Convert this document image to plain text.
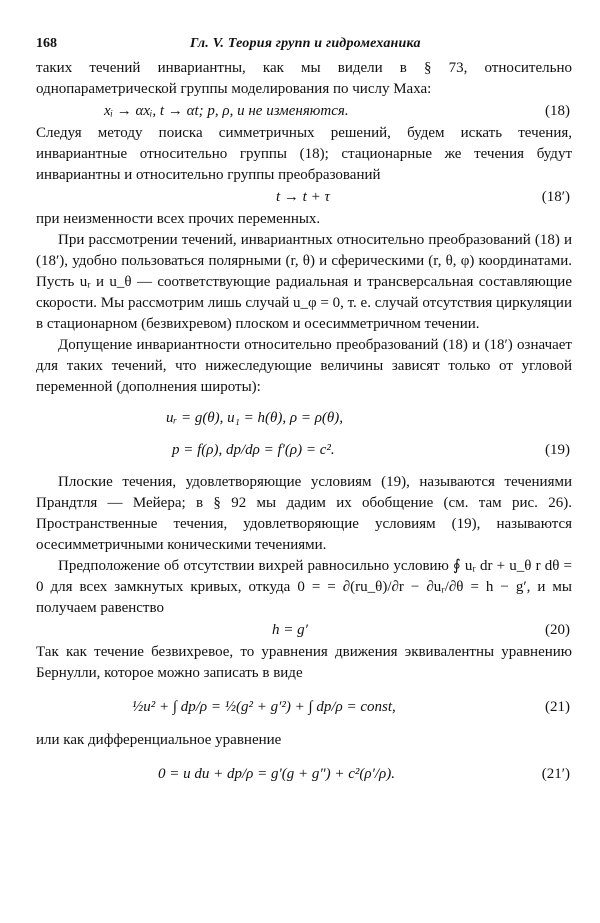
168	Гл. V. Теория групп и гидромеханика

таких течений инвариантны, как мы видели в § 73, относительно однопараметрической группы моделирования по числу Маха:

xᵢ → αxᵢ, t → αt; p, ρ, u не изменяются.	(18)

Следуя методу поиска симметричных решений, будем искать течения, инвариантные относительно группы (18); стационарные же течения будут инвариантны и относительно группы преобразований

t → t + τ	(18′)

при неизменности всех прочих переменных.

При рассмотрении течений, инвариантных относительно преобразований (18) и (18′), удобно пользоваться полярными (r, θ) и сферическими (r, θ, φ) координатами. Пусть uᵣ и u_θ — соответствующие радиальная и трансверсальная составляющие скорости. Мы рассмотрим лишь случай u_φ = 0, т. е. случай отсутствия циркуляции в стационарном (безвихревом) плоском и осесимметричном течении.

Допущение инвариантности относительно преобразований (18) и (18′) означает для таких течений, что нижеследующие величины зависят только от угловой переменной (дополнения широты):

uᵣ = g(θ), u₁ = h(θ), ρ = ρ(θ),
p = f(ρ), dp/dρ = f′(ρ) = c².	(19)

Плоские течения, удовлетворяющие условиям (19), называются течениями Прандтля — Мейера; в § 92 мы дадим их обобщение (см. там рис. 26). Пространственные течения, удовлетворяющие условиям (19), называются осесимметричными коническими течениями.

Предположение об отсутствии вихрей равносильно условию ∮ uᵣ dr + u_θ r dθ = 0 для всех замкнутых кривых, откуда 0 = = ∂(ru_θ)/∂r − ∂uᵣ/∂θ = h − g′, и мы получаем равенство

h = g′	(20)

Так как течение безвихревое, то уравнения движения эквивалентны уравнению Бернулли, которое можно записать в виде

½u² + ∫ dp/ρ = ½(g² + g′²) + ∫ dp/ρ = const,	(21)

или как дифференциальное уравнение

0 = u du + dp/ρ = g′(g + g″) + c²(ρ′/ρ).	(21′)
